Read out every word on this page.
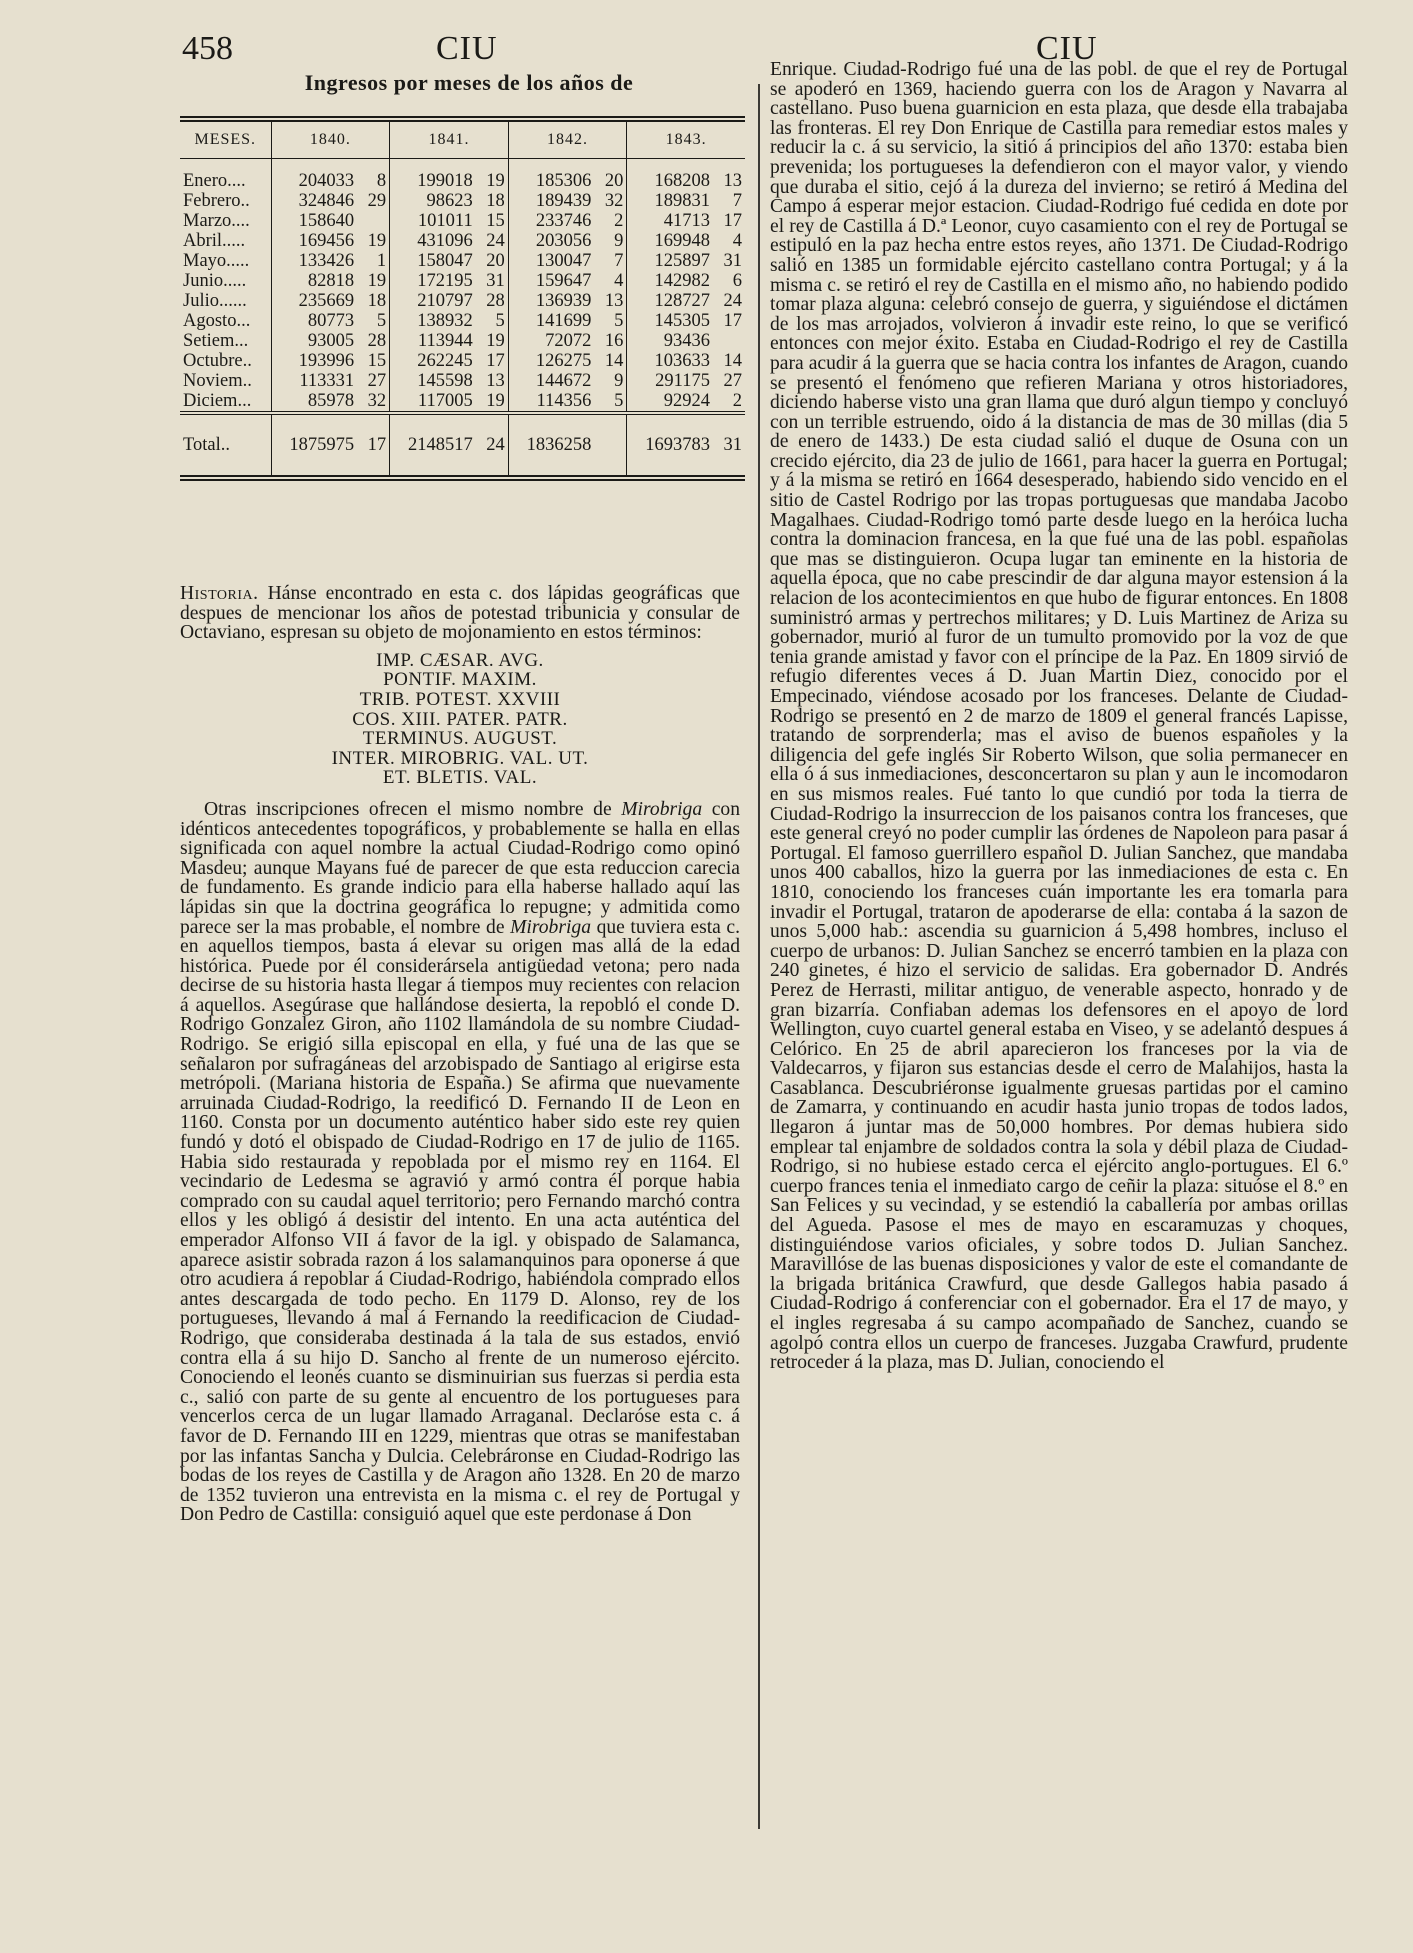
458	CIU	CIU
Ingresos por meses de los años de
MESES.	1840.		1841.		1842.		1843.	
Enero....	204033	8	199018	19	185306	20	168208	13
Febrero..	324846	29	98623	18	189439	32	189831	7
Marzo....	158640		101011	15	233746	2	41713	17
Abril.....	169456	19	431096	24	203056	9	169948	4
Mayo.....	133426	1	158047	20	130047	7	125897	31
Junio.....	82818	19	172195	31	159647	4	142982	6
Julio......	235669	18	210797	28	136939	13	128727	24
Agosto...	80773	5	138932	5	141699	5	145305	17
Setiem...	93005	28	113944	19	72072	16	93436	
Octubre..	193996	15	262245	17	126275	14	103633	14
Noviem..	113331	27	145598	13	144672	9	291175	27
Diciem...	85978	32	117005	19	114356	5	92924	2
Total..	1875975	17	2148517	24	1836258		1693783	31

Historia. Hánse encontrado en esta c. dos lápidas geográficas que despues de mencionar los años de potestad tribunicia y consular de Octaviano, espresan su objeto de mojonamiento en estos términos:

IMP. CÆSAR. AVG.
PONTIF. MAXIM.
TRIB. POTEST. XXVIII
COS. XIII. PATER. PATR.
TERMINUS. AUGUST.
INTER. MIROBRIG. VAL. UT.
ET. BLETIS. VAL.

Otras inscripciones ofrecen el mismo nombre de Mirobriga con idénticos antecedentes topográficos, y probablemente se halla en ellas significada con aquel nombre la actual Ciudad-Rodrigo como opinó Masdeu; aunque Mayans fué de parecer de que esta reduccion carecia de fundamento. Es grande indicio para ella haberse hallado aquí las lápidas sin que la doctrina geográfica lo repugne; y admitida como parece ser la mas probable, el nombre de Mirobriga que tuviera esta c. en aquellos tiempos, basta á elevar su origen mas allá de la edad histórica. Puede por él considerársela antigüedad vetona; pero nada decirse de su historia hasta llegar á tiempos muy recientes con relacion á aquellos. Asegúrase que hallándose desierta, la repobló el conde D. Rodrigo Gonzalez Giron, año 1102 llamándola de su nombre Ciudad-Rodrigo. Se erigió silla episcopal en ella, y fué una de las que se señalaron por sufragáneas del arzobispado de Santiago al erigirse esta metrópoli. (Mariana historia de España.) Se afirma que nuevamente arruinada Ciudad-Rodrigo, la reedificó D. Fernando II de Leon en 1160. Consta por un documento auténtico haber sido este rey quien fundó y dotó el obispado de Ciudad-Rodrigo en 17 de julio de 1165. Habia sido restaurada y repoblada por el mismo rey en 1164. El vecindario de Ledesma se agravió y armó contra él porque habia comprado con su caudal aquel territorio; pero Fernando marchó contra ellos y les obligó á desistir del intento. En una acta auténtica del emperador Alfonso VII á favor de la igl. y obispado de Salamanca, aparece asistir sobrada razon á los salamanquinos para oponerse á que otro acudiera á repoblar á Ciudad-Rodrigo, habiéndola comprado ellos antes descargada de todo pecho. En 1179 D. Alonso, rey de los portugueses, llevando á mal á Fernando la reedificacion de Ciudad-Rodrigo, que consideraba destinada á la tala de sus estados, envió contra ella á su hijo D. Sancho al frente de un numeroso ejército. Conociendo el leonés cuanto se disminuirian sus fuerzas si perdia esta c., salió con parte de su gente al encuentro de los portugueses para vencerlos cerca de un lugar llamado Arraganal. Declaróse esta c. á favor de D. Fernando III en 1229, mientras que otras se manifestaban por las infantas Sancha y Dulcia. Celebráronse en Ciudad-Rodrigo las bodas de los reyes de Castilla y de Aragon año 1328. En 20 de marzo de 1352 tuvieron una entrevista en la misma c. el rey de Portugal y Don Pedro de Castilla: consiguió aquel que este perdonase á Don

Enrique. Ciudad-Rodrigo fué una de las pobl. de que el rey de Portugal se apoderó en 1369, haciendo guerra con los de Aragon y Navarra al castellano. Puso buena guarnicion en esta plaza, que desde ella trabajaba las fronteras. El rey Don Enrique de Castilla para remediar estos males y reducir la c. á su servicio, la sitió á principios del año 1370: estaba bien prevenida; los portugueses la defendieron con el mayor valor, y viendo que duraba el sitio, cejó á la dureza del invierno; se retiró á Medina del Campo á esperar mejor estacion. Ciudad-Rodrigo fué cedida en dote por el rey de Castilla á D.ª Leonor, cuyo casamiento con el rey de Portugal se estipuló en la paz hecha entre estos reyes, año 1371. De Ciudad-Rodrigo salió en 1385 un formidable ejército castellano contra Portugal; y á la misma c. se retiró el rey de Castilla en el mismo año, no habiendo podido tomar plaza alguna: celebró consejo de guerra, y siguiéndose el dictámen de los mas arrojados, volvieron á invadir este reino, lo que se verificó entonces con mejor éxito. Estaba en Ciudad-Rodrigo el rey de Castilla para acudir á la guerra que se hacia contra los infantes de Aragon, cuando se presentó el fenómeno que refieren Mariana y otros historiadores, diciendo haberse visto una gran llama que duró algun tiempo y concluyó con un terrible estruendo, oido á la distancia de mas de 30 millas (dia 5 de enero de 1433.) De esta ciudad salió el duque de Osuna con un crecido ejército, dia 23 de julio de 1661, para hacer la guerra en Portugal; y á la misma se retiró en 1664 desesperado, habiendo sido vencido en el sitio de Castel Rodrigo por las tropas portuguesas que mandaba Jacobo Magalhaes. Ciudad-Rodrigo tomó parte desde luego en la heróica lucha contra la dominacion francesa, en la que fué una de las pobl. españolas que mas se distinguieron. Ocupa lugar tan eminente en la historia de aquella época, que no cabe prescindir de dar alguna mayor estension á la relacion de los acontecimientos en que hubo de figurar entonces. En 1808 suministró armas y pertrechos militares; y D. Luis Martinez de Ariza su gobernador, murió al furor de un tumulto promovido por la voz de que tenia grande amistad y favor con el príncipe de la Paz. En 1809 sirvió de refugio diferentes veces á D. Juan Martin Diez, conocido por el Empecinado, viéndose acosado por los franceses. Delante de Ciudad-Rodrigo se presentó en 2 de marzo de 1809 el general francés Lapisse, tratando de sorprenderla; mas el aviso de buenos españoles y la diligencia del gefe inglés Sir Roberto Wilson, que solia permanecer en ella ó á sus inmediaciones, desconcertaron su plan y aun le incomodaron en sus mismos reales. Fué tanto lo que cundió por toda la tierra de Ciudad-Rodrigo la insurreccion de los paisanos contra los franceses, que este general creyó no poder cumplir las órdenes de Napoleon para pasar á Portugal. El famoso guerrillero español D. Julian Sanchez, que mandaba unos 400 caballos, hizo la guerra por las inmediaciones de esta c. En 1810, conociendo los franceses cuán importante les era tomarla para invadir el Portugal, trataron de apoderarse de ella: contaba á la sazon de unos 5,000 hab.: ascendia su guarnicion á 5,498 hombres, incluso el cuerpo de urbanos: D. Julian Sanchez se encerró tambien en la plaza con 240 ginetes, é hizo el servicio de salidas. Era gobernador D. Andrés Perez de Herrasti, militar antiguo, de venerable aspecto, honrado y de gran bizarría. Confiaban ademas los defensores en el apoyo de lord Wellington, cuyo cuartel general estaba en Viseo, y se adelantó despues á Celórico. En 25 de abril aparecieron los franceses por la via de Valdecarros, y fijaron sus estancias desde el cerro de Malahijos, hasta la Casablanca. Descubriéronse igualmente gruesas partidas por el camino de Zamarra, y continuando en acudir hasta junio tropas de todos lados, llegaron á juntar mas de 50,000 hombres. Por demas hubiera sido emplear tal enjambre de soldados contra la sola y débil plaza de Ciudad-Rodrigo, si no hubiese estado cerca el ejército anglo-portugues. El 6.º cuerpo frances tenia el inmediato cargo de ceñir la plaza: situóse el 8.º en San Felices y su vecindad, y se estendió la caballería por ambas orillas del Agueda. Pasose el mes de mayo en escaramuzas y choques, distinguiéndose varios oficiales, y sobre todos D. Julian Sanchez. Maravillóse de las buenas disposiciones y valor de este el comandante de la brigada británica Crawfurd, que desde Gallegos habia pasado á Ciudad-Rodrigo á conferenciar con el gobernador. Era el 17 de mayo, y el ingles regresaba á su campo acompañado de Sanchez, cuando se agolpó contra ellos un cuerpo de franceses. Juzgaba Crawfurd, prudente retroceder á la plaza, mas D. Julian, conociendo el
